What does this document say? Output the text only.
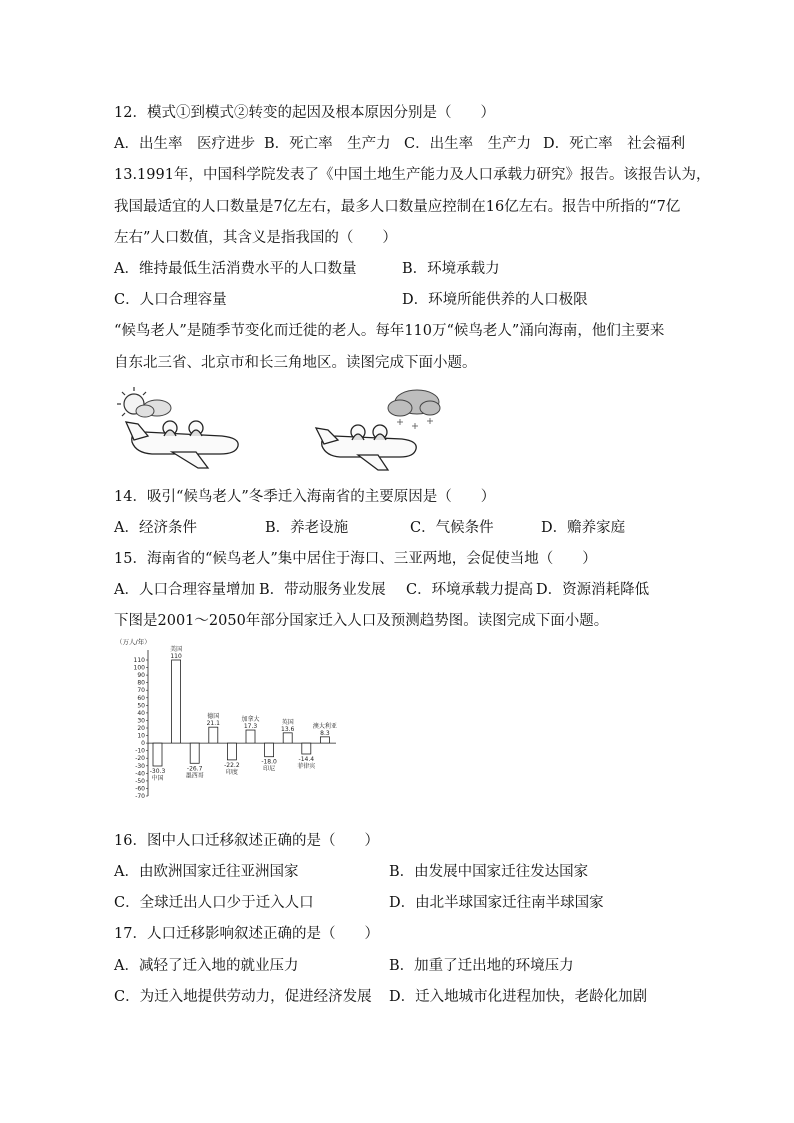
12．模式①到模式②转变的起因及根本原因分别是（　　）
A．出生率　医疗进步 B．死亡率　生产力 C．出生率　生产力 D．死亡率　社会福利
13.1991年，中国科学院发表了《中国土地生产能力及人口承载力研究》报告。该报告认为，
我国最适宜的人口数量是7亿左右，最多人口数量应控制在16亿左右。报告中所指的“7亿
左右”人口数值，其含义是指我国的（　　）
A．维持最低生活消费水平的人口数量	B．环境承载力
C．人口合理容量	D．环境所能供养的人口极限
“候鸟老人”是随季节变化而迁徙的老人。每年110万“候鸟老人”涌向海南，他们主要来
自东北三省、北京市和长三角地区。读图完成下面小题。
14．吸引“候鸟老人”冬季迁入海南省的主要原因是（　　）
A．经济条件	B．养老设施	C．气候条件	D．赡养家庭
15．海南省的“候鸟老人”集中居住于海口、三亚两地，会促使当地（　　）
A．人口合理容量增加 B．带动服务业发展 C．环境承载力提高 D．资源消耗降低
下图是2001～2050年部分国家迁入人口及预测趋势图。读图完成下面小题。
（万人/年）
110
100
90
80
70
60
50
40
30
20
10
0
-10
-20
-30
-40
-50
-60
-70
-30.3
中国
110
美国
-26.7
墨西哥
21.1
德国
-22.2
印度
17.3
加拿大
-18.0
印尼
13.6
英国
-14.4
菲律宾
8.3
澳大利亚
16．图中人口迁移叙述正确的是（　　）
A．由欧洲国家迁往亚洲国家	B．由发展中国家迁往发达国家
C．全球迁出人口少于迁入人口	D．由北半球国家迁往南半球国家
17．人口迁移影响叙述正确的是（　　）
A．减轻了迁入地的就业压力	B．加重了迁出地的环境压力
C．为迁入地提供劳动力，促进经济发展 D．迁入地城市化进程加快，老龄化加剧
